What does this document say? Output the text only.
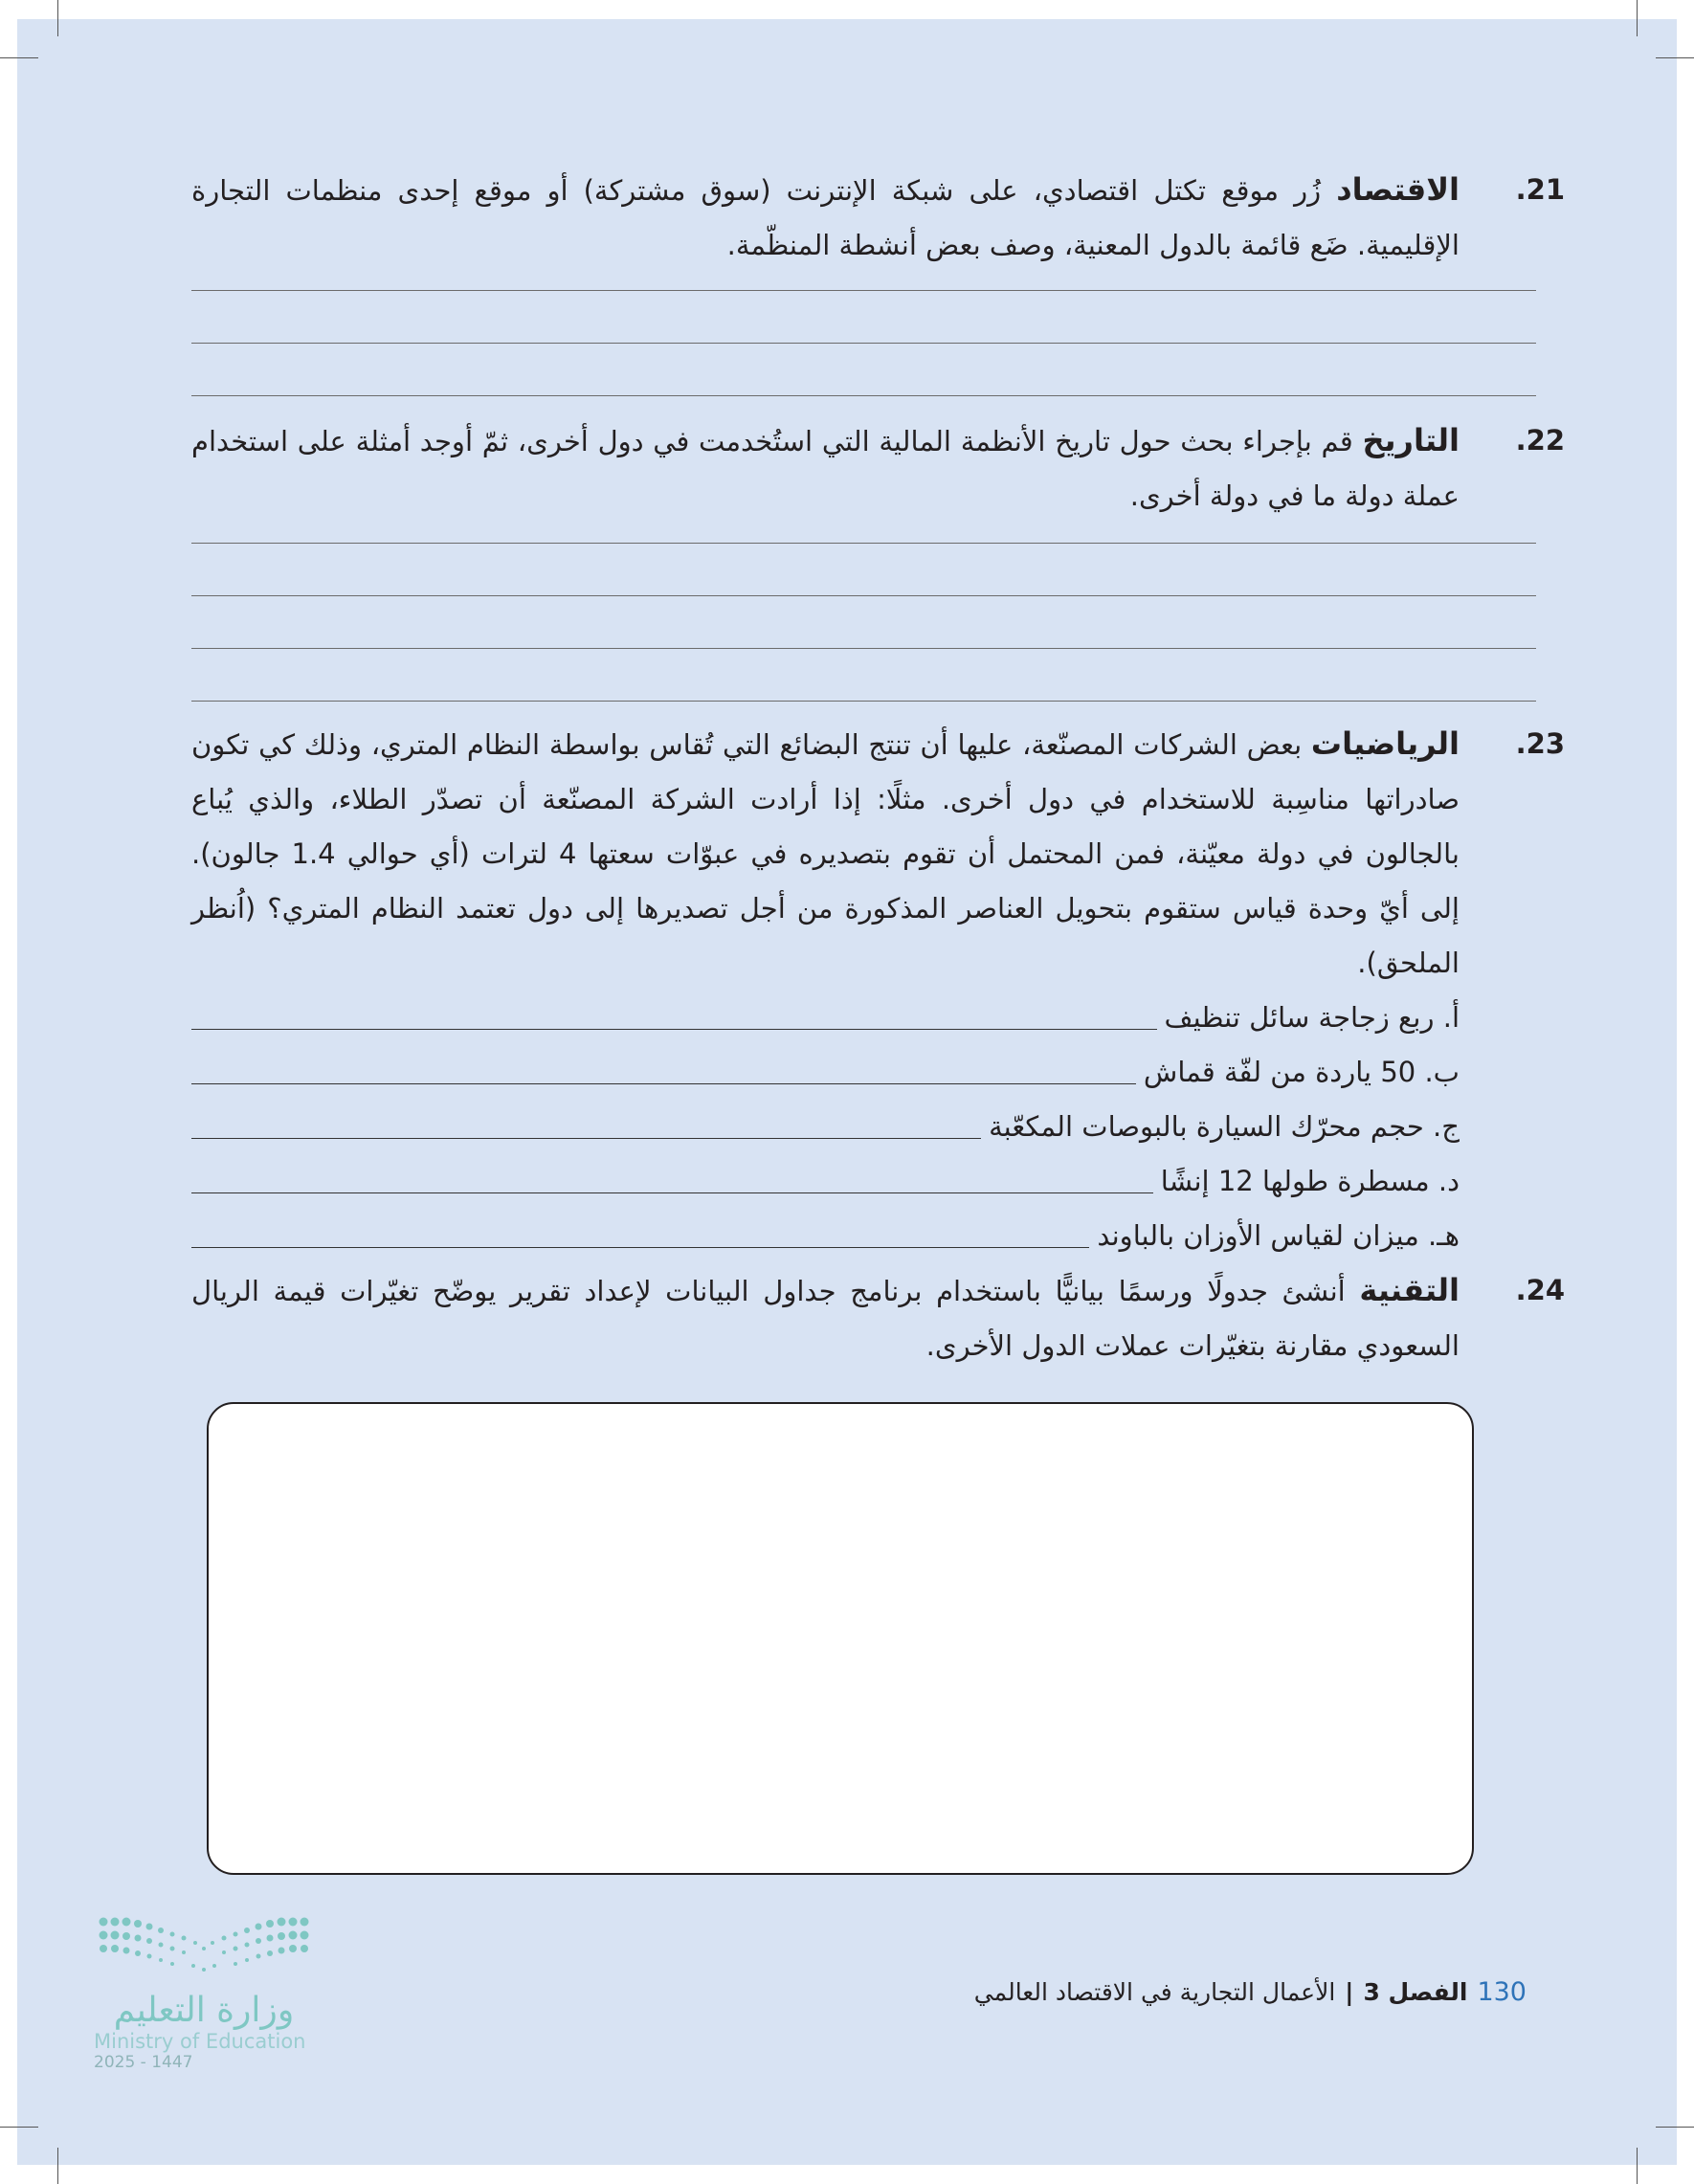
21.
الاقتصاد زُر موقع تكتل اقتصادي، على شبكة الإنترنت (سوق مشتركة) أو موقع إحدى منظمات التجارة الإقليمية. ضَع قائمة بالدول المعنية، وصف بعض أنشطة المنظّمة.
22.
التاريخ قم بإجراء بحث حول تاريخ الأنظمة المالية التي استُخدمت في دول أخرى، ثمّ أوجد أمثلة على استخدام عملة دولة ما في دولة أخرى.
23.
الرياضيات بعض الشركات المصنّعة، عليها أن تنتج البضائع التي تُقاس بواسطة النظام المتري، وذلك كي تكون صادراتها مناسِبة للاستخدام في دول أخرى. مثلًا: إذا أرادت الشركة المصنّعة أن تصدّر الطلاء، والذي يُباع بالجالون في دولة معيّنة، فمن المحتمل أن تقوم بتصديره في عبوّات سعتها 4 لترات (أي حوالي 1.4 جالون). إلى أيّ وحدة قياس ستقوم بتحويل العناصر المذكورة من أجل تصديرها إلى دول تعتمد النظام المتري؟ (اُنظر الملحق).
أ. ربع زجاجة سائل تنظيف
ب. 50 ياردة من لفّة قماش
ج. حجم محرّك السيارة بالبوصات المكعّبة
د. مسطرة طولها 12 إنشًا
هـ. ميزان لقياس الأوزان بالباوند
24.
التقنية أنشئ جدولًا ورسمًا بيانيًّا باستخدام برنامج جداول البيانات لإعداد تقرير يوضّح تغيّرات قيمة الريال السعودي مقارنة بتغيّرات عملات الدول الأخرى.
130
الفصل 3
|
الأعمال التجارية في الاقتصاد العالمي
وزارة التعليم
Ministry of Education
2025 - 1447
